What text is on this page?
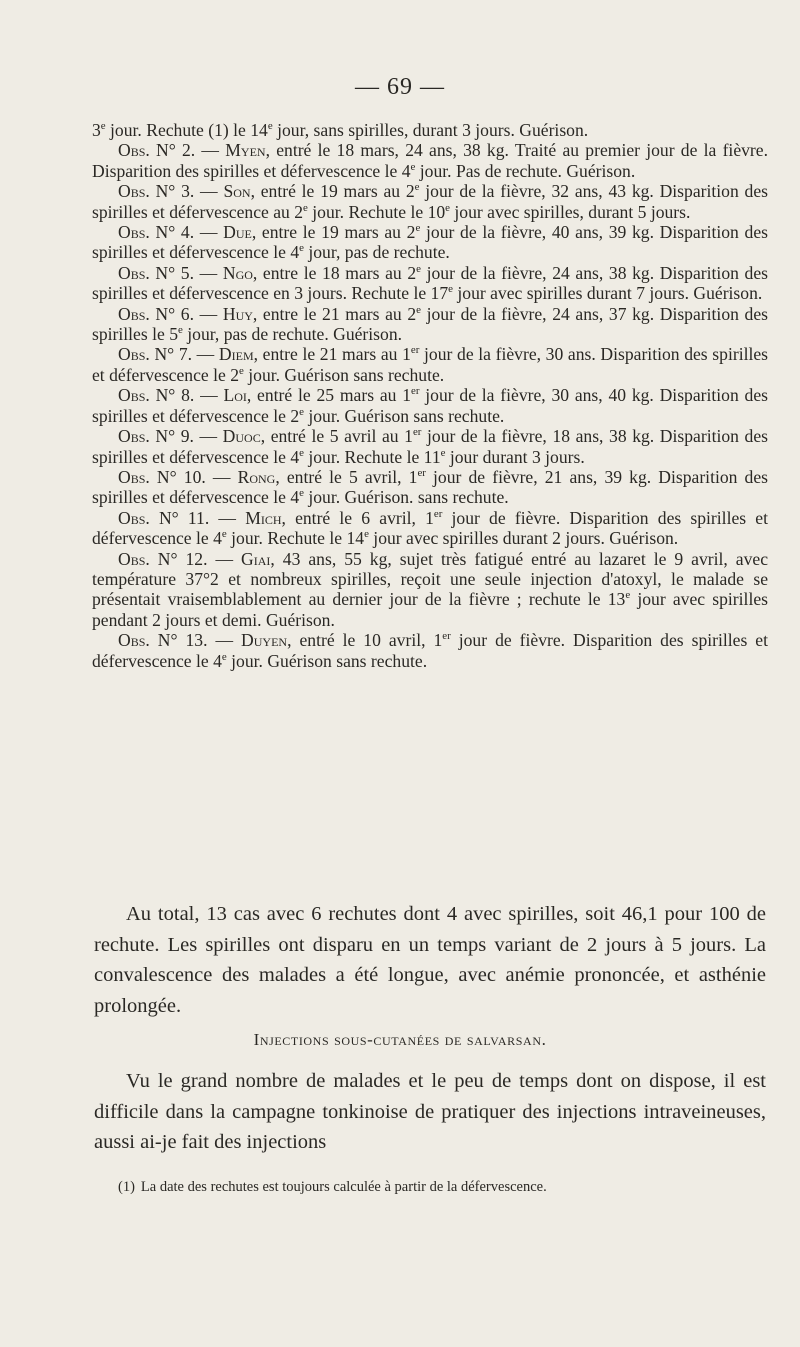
— 69 —

3e jour. Rechute (1) le 14e jour, sans spirilles, durant 3 jours. Guérison.

Obs. N° 2. — Myen, entré le 18 mars, 24 ans, 38 kg. Traité au premier jour de la fièvre. Disparition des spirilles et défervescence le 4e jour. Pas de rechute. Guérison.

Obs. N° 3. — Son, entré le 19 mars au 2e jour de la fièvre, 32 ans, 43 kg. Disparition des spirilles et défervescence au 2e jour. Rechute le 10e jour avec spirilles, durant 5 jours.

Obs. N° 4. — Due, entre le 19 mars au 2e jour de la fièvre, 40 ans, 39 kg. Disparition des spirilles et défervescence le 4e jour, pas de rechute.

Obs. N° 5. — Ngo, entre le 18 mars au 2e jour de la fièvre, 24 ans, 38 kg. Disparition des spirilles et défervescence en 3 jours. Rechute le 17e jour avec spirilles durant 7 jours. Guérison.

Obs. N° 6. — Huy, entre le 21 mars au 2e jour de la fièvre, 24 ans, 37 kg. Disparition des spirilles le 5e jour, pas de rechute. Guérison.

Obs. N° 7. — Diem, entre le 21 mars au 1er jour de la fièvre, 30 ans. Disparition des spirilles et défervescence le 2e jour. Guérison sans rechute.

Obs. N° 8. — Loi, entré le 25 mars au 1er jour de la fièvre, 30 ans, 40 kg. Disparition des spirilles et défervescence le 2e jour. Guérison sans rechute.

Obs. N° 9. — Duoc, entré le 5 avril au 1er jour de la fièvre, 18 ans, 38 kg. Disparition des spirilles et défervescence le 4e jour. Rechute le 11e jour durant 3 jours.

Obs. N° 10. — Rong, entré le 5 avril, 1er jour de fièvre, 21 ans, 39 kg. Disparition des spirilles et défervescence le 4e jour. Guérison. sans rechute.

Obs. N° 11. — Mich, entré le 6 avril, 1er jour de fièvre. Disparition des spirilles et défervescence le 4e jour. Rechute le 14e jour avec spirilles durant 2 jours. Guérison.

Obs. N° 12. — Giai, 43 ans, 55 kg, sujet très fatigué entré au lazaret le 9 avril, avec température 37°2 et nombreux spirilles, reçoit une seule injection d'atoxyl, le malade se présentait vraisemblablement au dernier jour de la fièvre ; rechute le 13e jour avec spirilles pendant 2 jours et demi. Guérison.

Obs. N° 13. — Duyen, entré le 10 avril, 1er jour de fièvre. Disparition des spirilles et défervescence le 4e jour. Guérison sans rechute.

Au total, 13 cas avec 6 rechutes dont 4 avec spirilles, soit 46,1 pour 100 de rechute. Les spirilles ont disparu en un temps variant de 2 jours à 5 jours. La convalescence des malades a été longue, avec anémie prononcée, et asthénie prolongée.

Injections sous-cutanées de salvarsan.

Vu le grand nombre de malades et le peu de temps dont on dispose, il est difficile dans la campagne tonkinoise de pratiquer des injections intraveineuses, aussi ai-je fait des injections

(1) La date des rechutes est toujours calculée à partir de la défervescence.
